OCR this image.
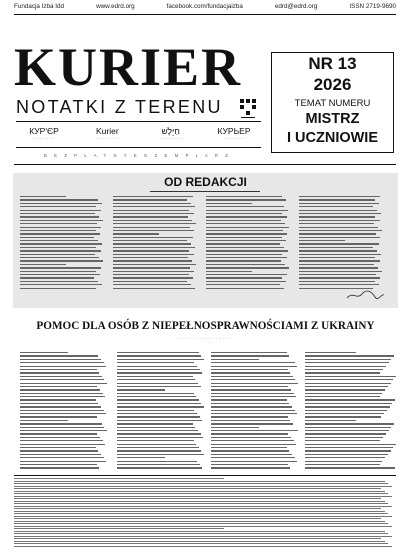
Fundacja Izba Idd	www.edrd.org	facebook.com/fundacjaizba	edrd@edrd.org	ISSN 2719-9690
KURIER
NOTATKI Z TERENU
КУР'ЄР
· · · · · · · · · ·
Kurier
· · · · · · · · · ·
חַיֵּלֶשׁ
· · · · · · · · · ·
КУРЬЕР
· · · · · · · · · ·
B E Z P Ł A T N Y E G Z E M P L A R Z
NR 13
2026
TEMAT NUMERU
MISTRZ
I UCZNIOWIE
OD REDAKCJI
POMOC DLA OSÓB Z NIEPEŁNOSPRAWNOŚCIAMI Z UKRAINY
· · · · · · · · · · · · · · ·
